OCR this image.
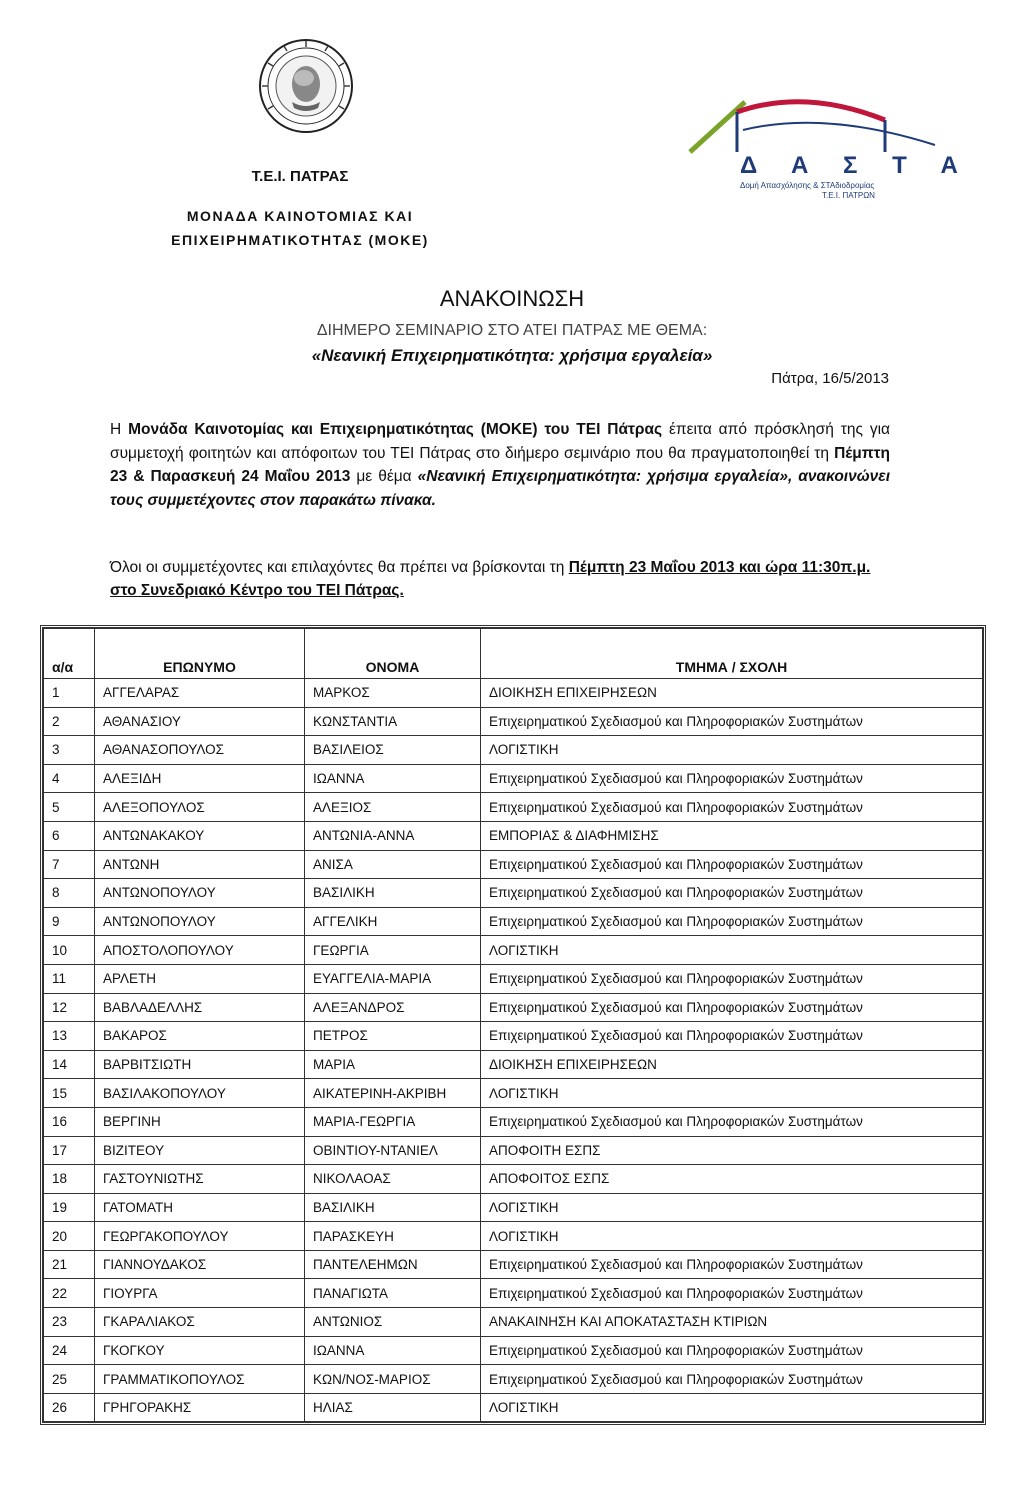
Τ.Ε.Ι. ΠΑΤΡΑΣ
ΜΟΝΑΔΑ ΚΑΙΝΟΤΟΜΙΑΣ ΚΑΙ
ΕΠΙΧΕΙΡΗΜΑΤΙΚΟΤΗΤΑΣ (ΜΟΚΕ)
Δ Α Σ Τ Α
Δομή Απασχόλησης & ΣΤΑδιοδρομίας
Τ.Ε.Ι. ΠΑΤΡΩΝ
ΑΝΑΚΟΙΝΩΣΗ
ΔΙΗΜΕΡΟ ΣΕΜΙΝΑΡΙΟ ΣΤΟ ΑΤΕΙ ΠΑΤΡΑΣ ΜΕ ΘΕΜΑ:
«Νεανική Επιχειρηματικότητα: χρήσιμα εργαλεία»
Πάτρα, 16/5/2013
Η Μονάδα Καινοτομίας και Επιχειρηματικότητας (ΜΟΚΕ) του ΤΕΙ Πάτρας έπειτα από πρόσκλησή της για συμμετοχή φοιτητών και απόφοιτων του ΤΕΙ Πάτρας στο διήμερο σεμινάριο που θα πραγματοποιηθεί τη Πέμπτη 23 & Παρασκευή 24 Μαΐου 2013 με θέμα «Νεανική Επιχειρηματικότητα: χρήσιμα εργαλεία», ανακοινώνει τους συμμετέχοντες στον παρακάτω πίνακα.
Όλοι οι συμμετέχοντες και επιλαχόντες θα πρέπει να βρίσκονται τη Πέμπτη 23 Μαΐου 2013 και ώρα 11:30π.μ. στο Συνεδριακό Κέντρο του ΤΕΙ Πάτρας.
α/α	ΕΠΩΝΥΜΟ	ΟΝΟΜΑ	ΤΜΗΜΑ / ΣΧΟΛΗ
1	ΑΓΓΕΛΑΡΑΣ	ΜΑΡΚΟΣ	ΔΙΟΙΚΗΣΗ ΕΠΙΧΕΙΡΗΣΕΩΝ
2	ΑΘΑΝΑΣΙΟΥ	ΚΩΝΣΤΑΝΤΙΑ	Επιχειρηματικού Σχεδιασμού και Πληροφοριακών Συστημάτων
3	ΑΘΑΝΑΣΟΠΟΥΛΟΣ	ΒΑΣΙΛΕΙΟΣ	ΛΟΓΙΣΤΙΚΗ
4	ΑΛΕΞΙΔΗ	ΙΩΑΝΝΑ	Επιχειρηματικού Σχεδιασμού και Πληροφοριακών Συστημάτων
5	ΑΛΕΞΟΠΟΥΛΟΣ	ΑΛΕΞΙΟΣ	Επιχειρηματικού Σχεδιασμού και Πληροφοριακών Συστημάτων
6	ΑΝΤΩΝΑΚΑΚΟΥ	ΑΝΤΩΝΙΑ-ΑΝΝΑ	ΕΜΠΟΡΙΑΣ & ΔΙΑΦΗΜΙΣΗΣ
7	ΑΝΤΩΝΗ	ΑΝΙΣΑ	Επιχειρηματικού Σχεδιασμού και Πληροφοριακών Συστημάτων
8	ΑΝΤΩΝΟΠΟΥΛΟΥ	ΒΑΣΙΛΙΚΗ	Επιχειρηματικού Σχεδιασμού και Πληροφοριακών Συστημάτων
9	ΑΝΤΩΝΟΠΟΥΛΟΥ	ΑΓΓΕΛΙΚΗ	Επιχειρηματικού Σχεδιασμού και Πληροφοριακών Συστημάτων
10	ΑΠΟΣΤΟΛΟΠΟΥΛΟΥ	ΓΕΩΡΓΙΑ	ΛΟΓΙΣΤΙΚΗ
11	ΑΡΛΕΤΗ	ΕΥΑΓΓΕΛΙΑ-ΜΑΡΙΑ	Επιχειρηματικού Σχεδιασμού και Πληροφοριακών Συστημάτων
12	ΒΑΒΛΑΔΕΛΛΗΣ	ΑΛΕΞΑΝΔΡΟΣ	Επιχειρηματικού Σχεδιασμού και Πληροφοριακών Συστημάτων
13	ΒΑΚΑΡΟΣ	ΠΕΤΡΟΣ	Επιχειρηματικού Σχεδιασμού και Πληροφοριακών Συστημάτων
14	ΒΑΡΒΙΤΣΙΩΤΗ	ΜΑΡΙΑ	ΔΙΟΙΚΗΣΗ ΕΠΙΧΕΙΡΗΣΕΩΝ
15	ΒΑΣΙΛΑΚΟΠΟΥΛΟΥ	ΑΙΚΑΤΕΡΙΝΗ-ΑΚΡΙΒΗ	ΛΟΓΙΣΤΙΚΗ
16	ΒΕΡΓΙΝΗ	ΜΑΡΙΑ-ΓΕΩΡΓΙΑ	Επιχειρηματικού Σχεδιασμού και Πληροφοριακών Συστημάτων
17	ΒΙΖΙΤΕΟΥ	ΟΒΙΝΤΙΟΥ-ΝΤΑΝΙΕΛ	ΑΠΟΦΟΙΤΗ ΕΣΠΣ
18	ΓΑΣΤΟΥΝΙΩΤΗΣ	ΝΙΚΟΛΑΟΑΣ	ΑΠΟΦΟΙΤΟΣ ΕΣΠΣ
19	ΓΑΤΟΜΑΤΗ	ΒΑΣΙΛΙΚΗ	ΛΟΓΙΣΤΙΚΗ
20	ΓΕΩΡΓΑΚΟΠΟΥΛΟΥ	ΠΑΡΑΣΚΕΥΗ	ΛΟΓΙΣΤΙΚΗ
21	ΓΙΑΝΝΟΥΔΑΚΟΣ	ΠΑΝΤΕΛΕΗΜΩΝ	Επιχειρηματικού Σχεδιασμού και Πληροφοριακών Συστημάτων
22	ΓΙΟΥΡΓΑ	ΠΑΝΑΓΙΩΤΑ	Επιχειρηματικού Σχεδιασμού και Πληροφοριακών Συστημάτων
23	ΓΚΑΡΑΛΙΑΚΟΣ	ΑΝΤΩΝΙΟΣ	ΑΝΑΚΑΙΝΗΣΗ ΚΑΙ ΑΠΟΚΑΤΑΣΤΑΣΗ ΚΤΙΡΙΩΝ
24	ΓΚΟΓΚΟΥ	ΙΩΑΝΝΑ	Επιχειρηματικού Σχεδιασμού και Πληροφοριακών Συστημάτων
25	ΓΡΑΜΜΑΤΙΚΟΠΟΥΛΟΣ	ΚΩΝ/ΝΟΣ-ΜΑΡΙΟΣ	Επιχειρηματικού Σχεδιασμού και Πληροφοριακών Συστημάτων
26	ΓΡΗΓΟΡΑΚΗΣ	ΗΛΙΑΣ	ΛΟΓΙΣΤΙΚΗ
